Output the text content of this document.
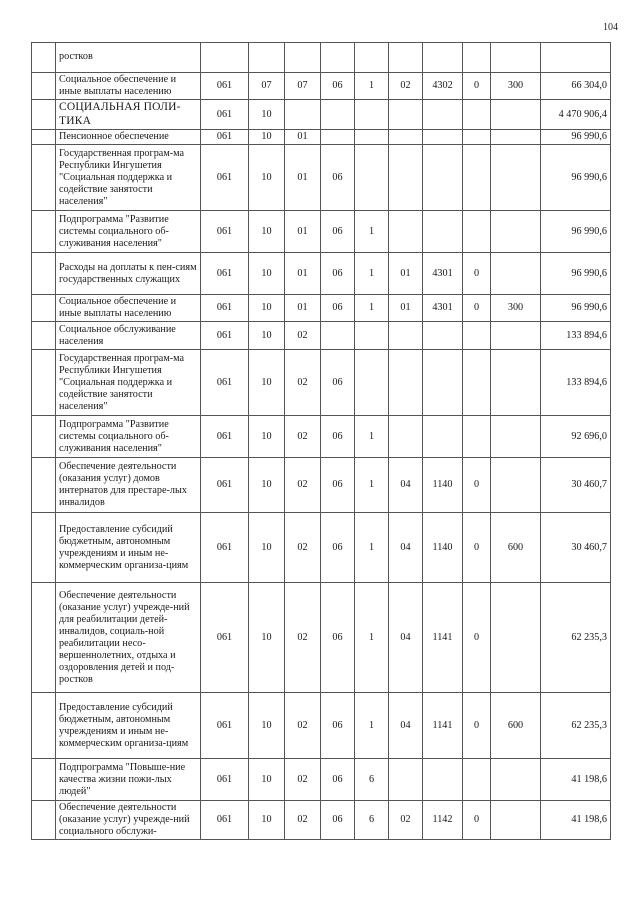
104
	ростков										
	Социальное обеспечение и иные выплаты населению	061	07	07	06	1	02	4302	0	300	66 304,0
	СОЦИАЛЬНАЯ ПОЛИ-ТИКА	061	10								4 470 906,4
	Пенсионное обеспечение	061	10	01							96 990,6
	Государственная програм-ма Республики Ингушетия "Социальная поддержка и содействие занятости населения"	061	10	01	06						96 990,6
	Подпрограмма "Развитие системы социального об-служивания населения"	061	10	01	06	1					96 990,6
	Расходы на доплаты к пен-сиям государственных служащих	061	10	01	06	1	01	4301	0		96 990,6
	Социальное обеспечение и иные выплаты населению	061	10	01	06	1	01	4301	0	300	96 990,6
	Социальное обслуживание населения	061	10	02							133 894,6
	Государственная програм-ма Республики Ингушетия "Социальная поддержка и содействие занятости населения"	061	10	02	06						133 894,6
	Подпрограмма "Развитие системы социального об-служивания населения"	061	10	02	06	1					92 696,0
	Обеспечение деятельности (оказания услуг) домов интернатов для престаре-лых инвалидов	061	10	02	06	1	04	1140	0		30 460,7
	Предоставление субсидий бюджетным, автономным учреждениям и иным не-коммерческим организа-циям	061	10	02	06	1	04	1140	0	600	30 460,7
	Обеспечение деятельности (оказание услуг) учрежде-ний для реабилитации детей-инвалидов, социаль-ной реабилитации несо-вершеннолетних, отдыха и оздоровления детей и под-ростков	061	10	02	06	1	04	1141	0		62 235,3
	Предоставление субсидий бюджетным, автономным учреждениям и иным не-коммерческим организа-циям	061	10	02	06	1	04	1141	0	600	62 235,3
	Подпрограмма "Повыше-ние качества жизни пожи-лых людей"	061	10	02	06	6					41 198,6
	Обеспечение деятельности (оказание услуг) учрежде-ний социального обслужи-	061	10	02	06	6	02	1142	0		41 198,6
